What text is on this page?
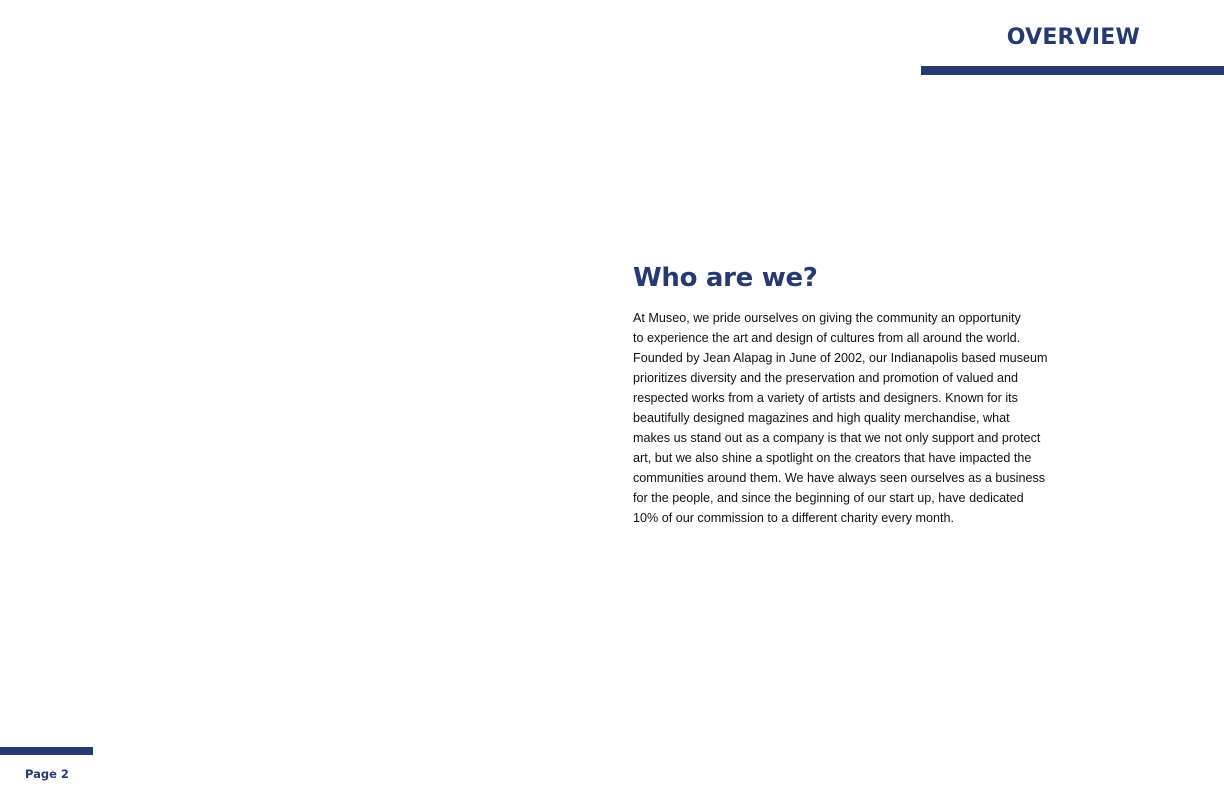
OVERVIEW
Who are we?
At Museo, we pride ourselves on giving the community an opportunity
to experience the art and design of cultures from all around the world.
Founded by Jean Alapag in June of 2002, our Indianapolis based museum
prioritizes diversity and the preservation and promotion of valued and
respected works from a variety of artists and designers. Known for its
beautifully designed magazines and high quality merchandise, what
makes us stand out as a company is that we not only support and protect
art, but we also shine a spotlight on the creators that have impacted the
communities around them. We have always seen ourselves as a business
for the people, and since the beginning of our start up, have dedicated
10% of our commission to a different charity every month.
Page 2
